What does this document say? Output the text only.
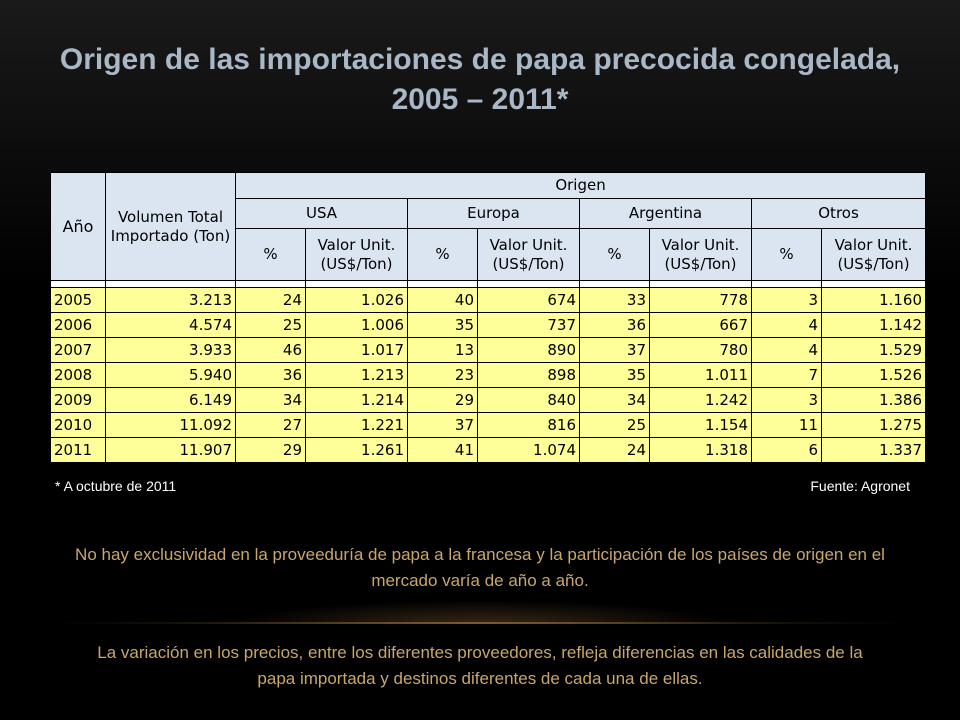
Origen de las importaciones de papa precocida congelada,
2005 – 2011*
Año	Volumen Total Importado (Ton)	Origen							
		USA		Europa		Argentina		Otros	
		%	Valor Unit. (US$/Ton)	%	Valor Unit. (US$/Ton)	%	Valor Unit. (US$/Ton)	%	Valor Unit. (US$/Ton)

2005	3.213	24	1.026	40	674	33	778	3	1.160
2006	4.574	25	1.006	35	737	36	667	4	1.142
2007	3.933	46	1.017	13	890	37	780	4	1.529
2008	5.940	36	1.213	23	898	35	1.011	7	1.526
2009	6.149	34	1.214	29	840	34	1.242	3	1.386
2010	11.092	27	1.221	37	816	25	1.154	11	1.275
2011	11.907	29	1.261	41	1.074	24	1.318	6	1.337
* A octubre de 2011	Fuente: Agronet
No hay exclusividad en la proveeduría de papa a la francesa y la participación de los países de origen en el mercado varía de año a año.
La variación en los precios, entre los diferentes proveedores, refleja diferencias en las calidades de la papa importada y destinos diferentes de cada una de ellas.
